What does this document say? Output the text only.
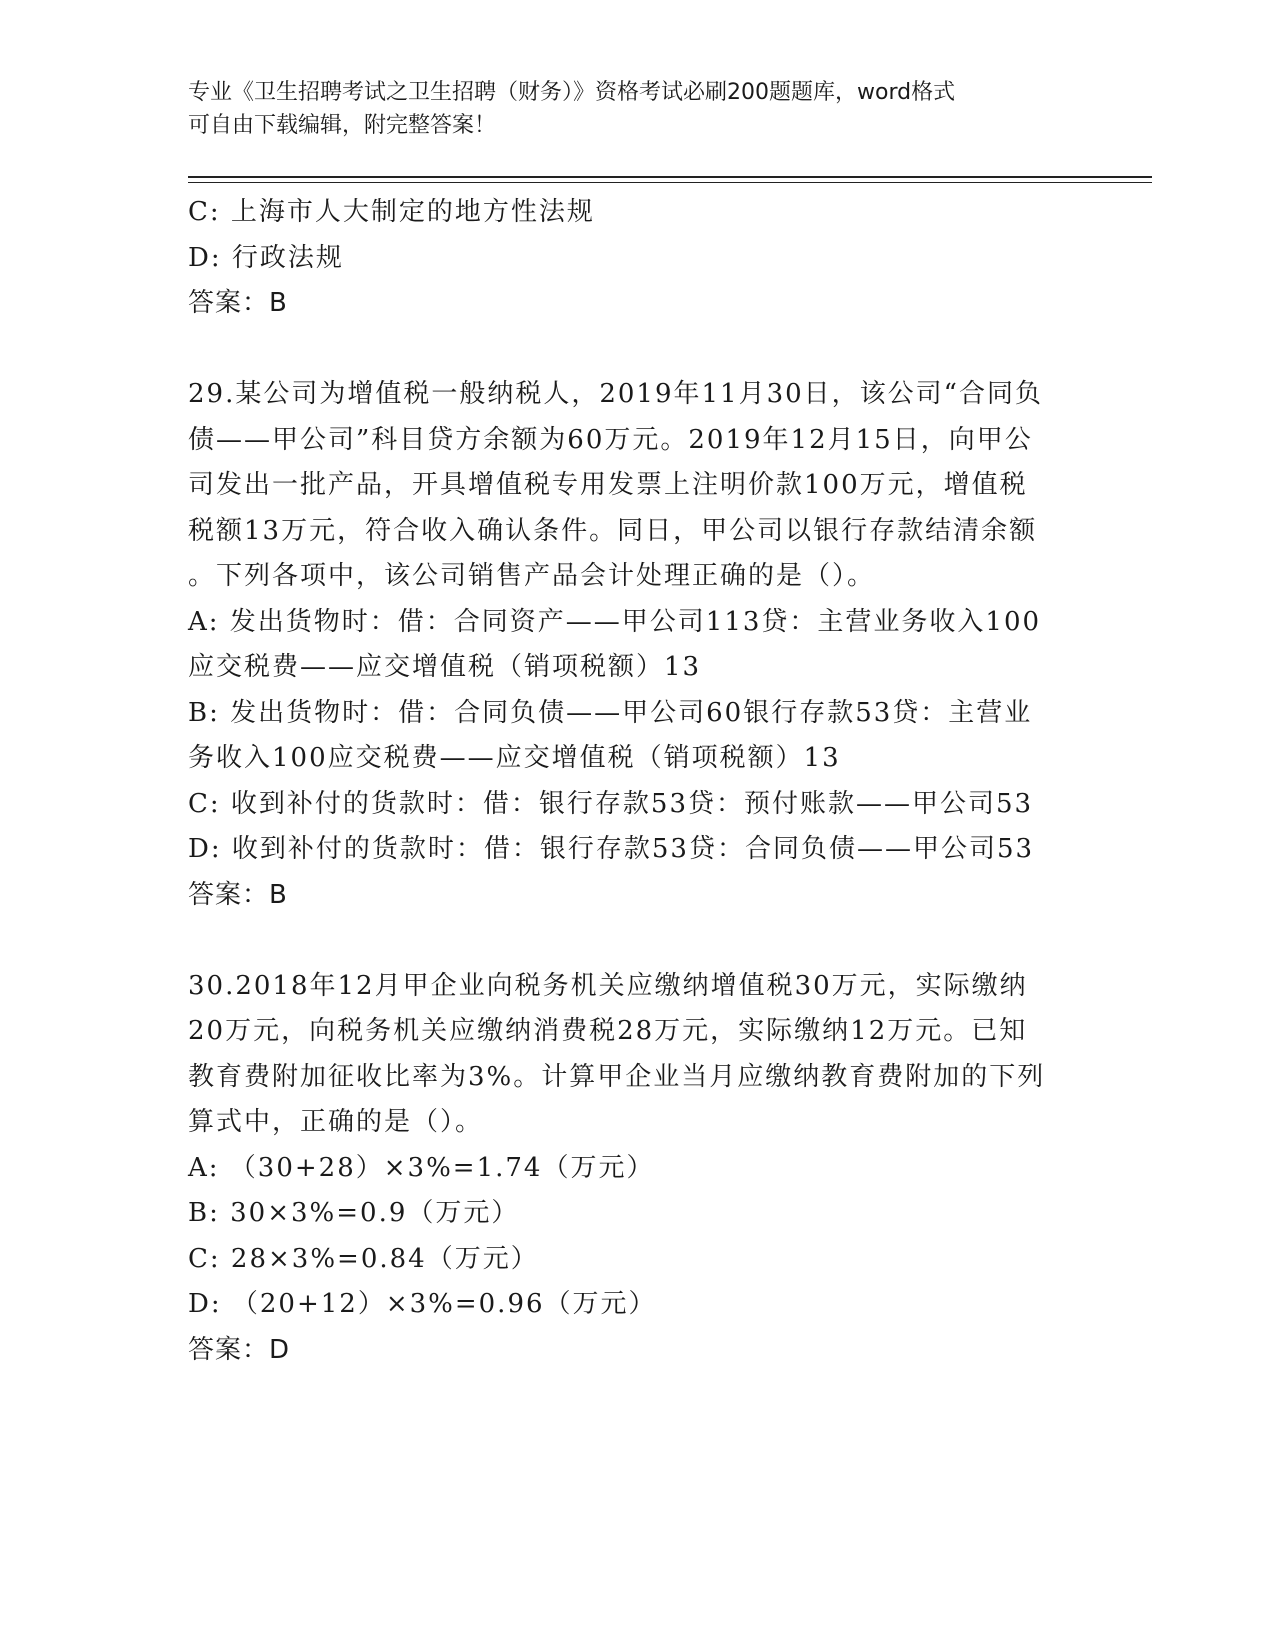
专业《卫生招聘考试之卫生招聘（财务）》资格考试必刷200题题库，word格式
可自由下载编辑，附完整答案！
C: 上海市人大制定的地方性法规
D: 行政法规
答案：B
29.某公司为增值税一般纳税人，2019年11月30日，该公司“合同负
债——甲公司”科目贷方余额为60万元。2019年12月15日，向甲公
司发出一批产品，开具增值税专用发票上注明价款100万元，增值税
税额13万元，符合收入确认条件。同日，甲公司以银行存款结清余额
。下列各项中，该公司销售产品会计处理正确的是（）。
A: 发出货物时：借：合同资产——甲公司113贷：主营业务收入100
应交税费——应交增值税（销项税额）13
B: 发出货物时：借：合同负债——甲公司60银行存款53贷：主营业
务收入100应交税费——应交增值税（销项税额）13
C: 收到补付的货款时：借：银行存款53贷：预付账款——甲公司53
D: 收到补付的货款时：借：银行存款53贷：合同负债——甲公司53
答案：B
30.2018年12月甲企业向税务机关应缴纳增值税30万元，实际缴纳
20万元，向税务机关应缴纳消费税28万元，实际缴纳12万元。已知
教育费附加征收比率为3%。计算甲企业当月应缴纳教育费附加的下列
算式中，正确的是（）。
A: （30+28）×3%=1.74（万元）
B: 30×3%=0.9（万元）
C: 28×3%=0.84（万元）
D: （20+12）×3%=0.96（万元）
答案：D
